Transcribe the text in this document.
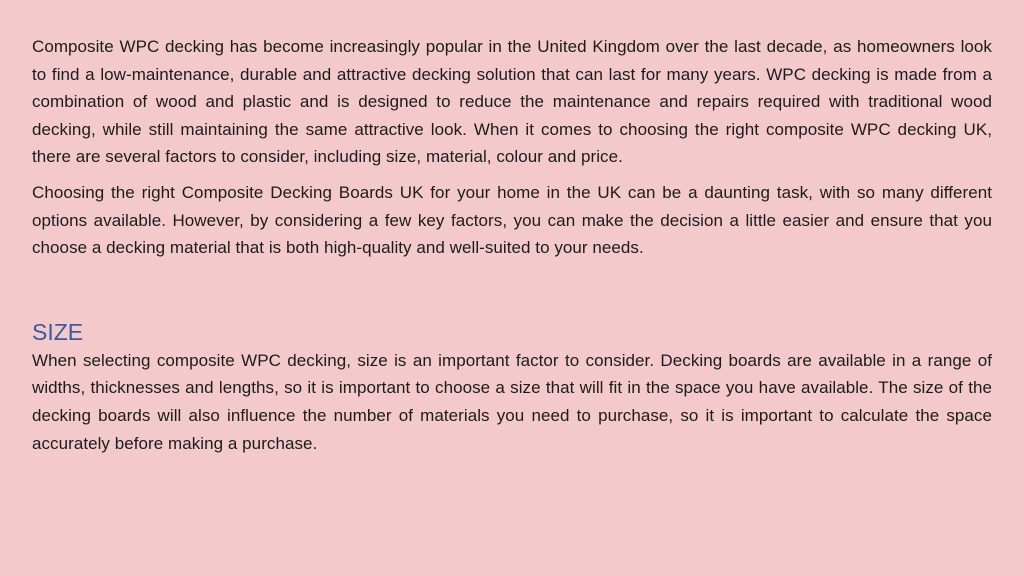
Composite WPC decking has become increasingly popular in the United Kingdom over the last decade, as homeowners look to find a low-maintenance, durable and attractive decking solution that can last for many years. WPC decking is made from a combination of wood and plastic and is designed to reduce the maintenance and repairs required with traditional wood decking, while still maintaining the same attractive look. When it comes to choosing the right composite WPC decking UK, there are several factors to consider, including size, material, colour and price.

Choosing the right Composite Decking Boards UK for your home in the UK can be a daunting task, with so many different options available. However, by considering a few key factors, you can make the decision a little easier and ensure that you choose a decking material that is both high-quality and well-suited to your needs.

SIZE

When selecting composite WPC decking, size is an important factor to consider. Decking boards are available in a range of widths, thicknesses and lengths, so it is important to choose a size that will fit in the space you have available. The size of the decking boards will also influence the number of materials you need to purchase, so it is important to calculate the space accurately before making a purchase.
